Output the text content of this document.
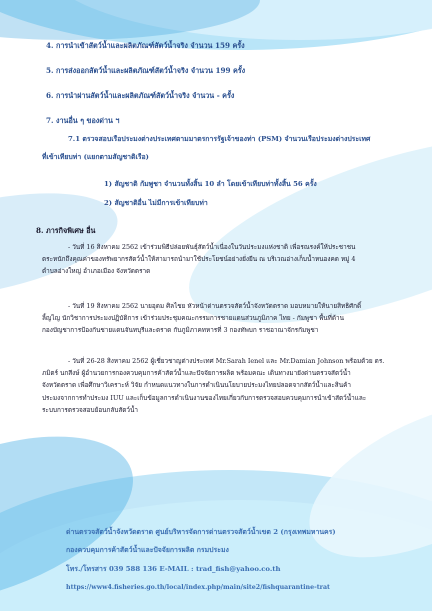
4. การนำเข้าสัตว์น้ำและผลิตภัณฑ์สัตว์น้ำจริง จำนวน 159 ครั้ง
5. การส่งออกสัตว์น้ำและผลิตภัณฑ์สัตว์น้ำจริง จำนวน 199 ครั้ง
6. การนำผ่านสัตว์น้ำและผลิตภัณฑ์สัตว์น้ำจริง จำนวน - ครั้ง
7. งานอื่น ๆ ของด่าน ฯ
7.1 ตรวจสอบเรือประมงต่างประเทศตามมาตรการรัฐเจ้าของท่า (PSM) จำนวนเรือประมงต่างประเทศ
ที่เข้าเทียบท่า (แยกตามสัญชาติเรือ)
1) สัญชาติ กัมพูชา จำนวนทั้งสิ้น 10 ลำ โดยเข้าเทียบท่าทั้งสิ้น 56 ครั้ง
2) สัญชาติอื่น ไม่มีการเข้าเทียบท่า
8. ภารกิจพิเศษ อื่น
- วันที่ 16 สิงหาคม 2562 เข้าร่วมพิธีปล่อยพันธุ์สัตว์น้ำเนื่องในวันประมงแห่งชาติ เพื่อรณรงค์ให้ประชาชน
ตระหนักถึงคุณค่าของทรัพยากรสัตว์น้ำให้สามารถนำมาใช้ประโยชน์อย่างยั่งยืน ณ บริเวณอ่างเก็บน้ำหนองคด หมู่ 4
ตำบลอ่างใหญ่ อำเภอเมือง จังหวัดตราด
- วันที่ 19 สิงหาคม 2562 นายอุดม ศิลไชย หัวหน้าด่านตรวจสัตว์น้ำจังหวัดตราด มอบหมายให้นายสิทธิศักดิ์
ลิ้ญไญ นักวิชาการประมงปฏิบัติการ เข้าร่วมประชุมคณะกรรมการชายแดนส่วนภูมิภาค ไทย - กัมพูชา พื้นที่ด้าน
กองบัญชาการป้องกันชายแดนจันทบุรีและตราด กับภูมิภาคทหารที่ 3 กองทัพบก ราชอาณาจักรกัมพูชา
- วันที่ 26-28 สิงหาคม 2562 ผู้เชี่ยวชาญต่างประเทศ Mr.Sarah Ienel และ Mr.Damian Johnson พร้อมด้วย ดร.
ภมิตร์ นกสีงษ์ ผู้อำนวยการกองควบคุมการค้าสัตว์น้ำและปัจจัยการผลิต พร้อมคณะ เดินทางมายังด่านตรวจสัตว์น้ำ
จังหวัดตราด เพื่อศึกษาวิเคราะห์ วิจัย กำหนดแนวทางในการดำเนินนโยบายประมงไทยปลอดจากสัตว์น้ำและสินค้า
ประมงจากการทำประมง IUU และเก็บข้อมูลการดำเนินงานของไทยเกี่ยวกับการตรวจสอบควบคุมการนำเข้าสัตว์น้ำและ
ระบบการตรวจสอบย้อนกลับสัตว์น้ำ
ด่านตรวจสัตว์น้ำจังหวัดตราด ศูนย์บริหารจัดการด่านตรวจสัตว์น้ำเขต 2 (กรุงเทพมหานคร)
กองควบคุมการค้าสัตว์น้ำและปัจจัยการผลิต กรมประมง
โทร./โทรสาร 039 588 136 E-MAIL : trad_fish@yahoo.co.th
https://www4.fisheries.go.th/local/index.php/main/site2/fishquarantine-trat
